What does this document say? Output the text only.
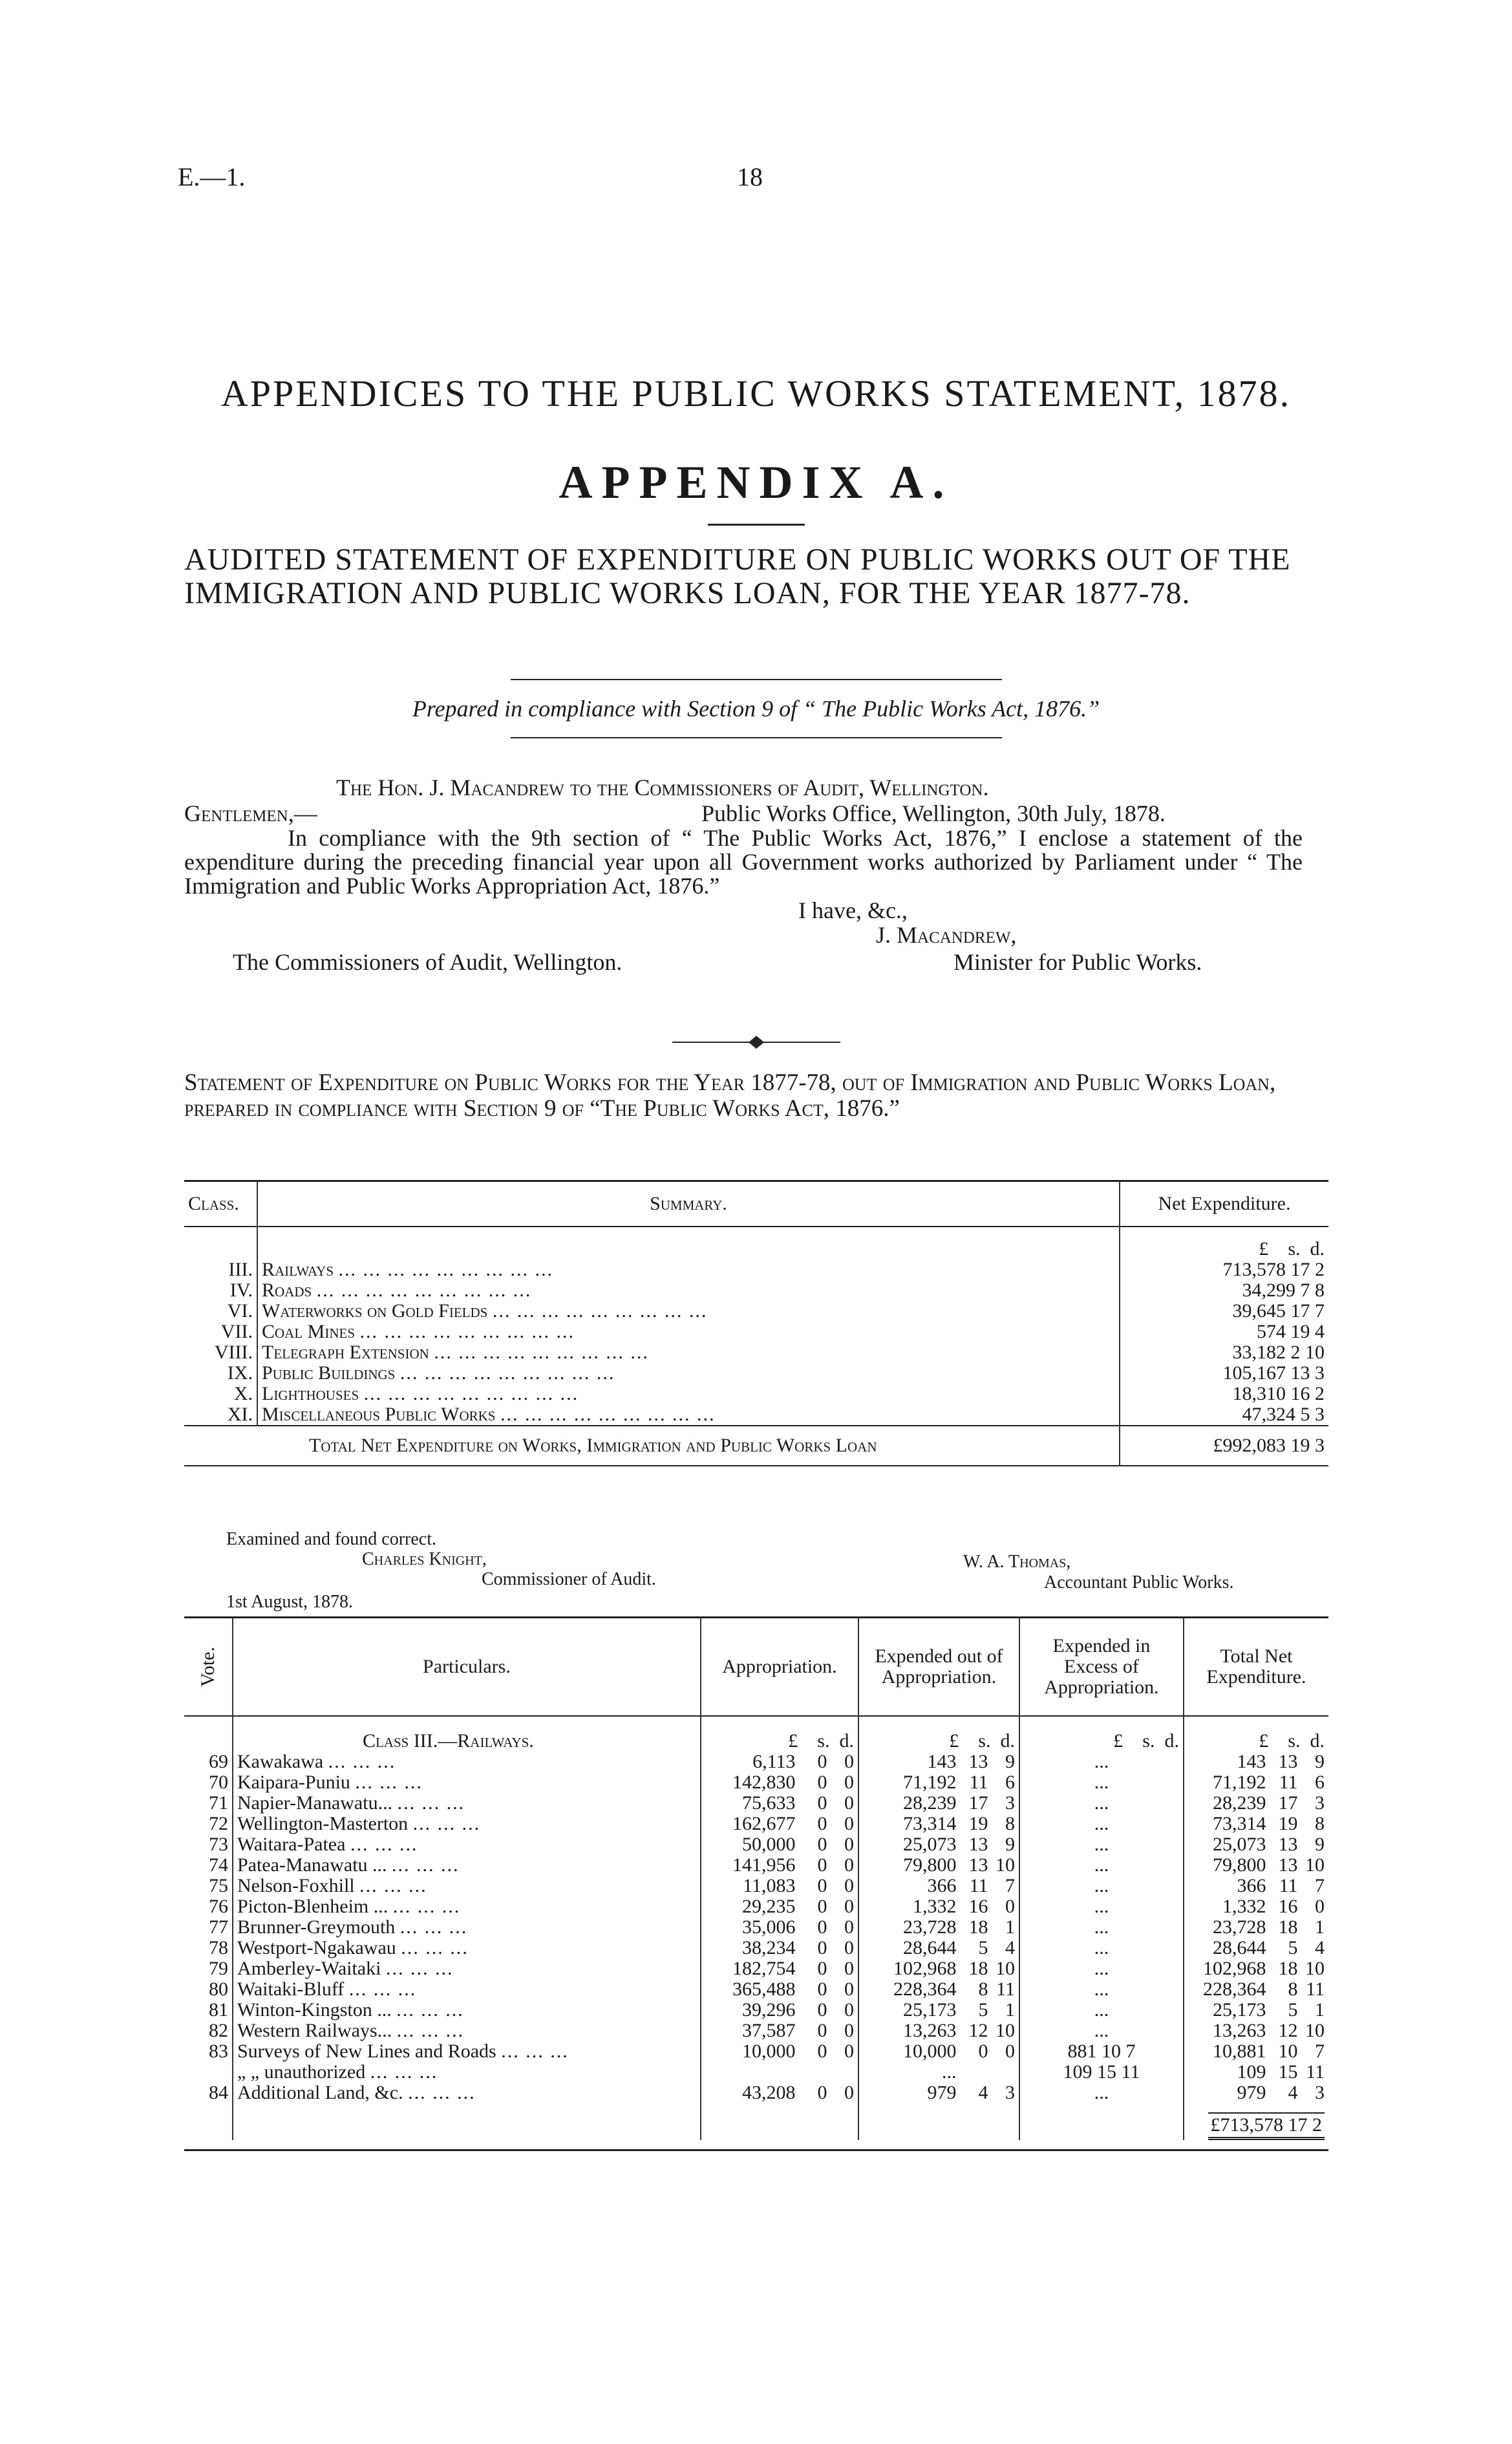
E.—1.	18
APPENDICES TO THE PUBLIC WORKS STATEMENT, 1878.
APPENDIX A.
AUDITED STATEMENT OF EXPENDITURE ON PUBLIC WORKS OUT OF THE IMMIGRATION AND PUBLIC WORKS LOAN, FOR THE YEAR 1877-78.
Prepared in compliance with Section 9 of “ The Public Works Act, 1876.”
The Hon. J. Macandrew to the Commissioners of Audit, Wellington.
Gentlemen,—	Public Works Office, Wellington, 30th July, 1878.
In compliance with the 9th section of “ The Public Works Act, 1876,” I enclose a statement of the expenditure during the preceding financial year upon all Government works authorized by Parliament under “ The Immigration and Public Works Appropriation Act, 1876.”
I have, &c.,
J. Macandrew,
The Commissioners of Audit, Wellington.	Minister for Public Works.
Statement of Expenditure on Public Works for the Year 1877-78, out of Immigration and Public Works Loan, prepared in compliance with Section 9 of “The Public Works Act, 1876.”
Class.	Summary.	Net Expenditure.
		£ s. d.
III.	Railways ... ... ... ... ... ... ... ... ...	713,578 17 2
IV.	Roads ... ... ... ... ... ... ... ... ...	34,299 7 8
VI.	Waterworks on Gold Fields ... ... ... ... ... ... ... ... ...	39,645 17 7
VII.	Coal Mines ... ... ... ... ... ... ... ... ...	574 19 4
VIII.	Telegraph Extension ... ... ... ... ... ... ... ... ...	33,182 2 10
IX.	Public Buildings ... ... ... ... ... ... ... ... ...	105,167 13 3
X.	Lighthouses ... ... ... ... ... ... ... ... ...	18,310 16 2
XI.	Miscellaneous Public Works ... ... ... ... ... ... ... ... ...	47,324 5 3
	Total Net Expenditure on Works, Immigration and Public Works Loan	£992,083 19 3
Examined and found correct.
Charles Knight,
Commissioner of Audit.
1st August, 1878.
W. A. Thomas,
Accountant Public Works.
Vote.	Particulars.	Appropriation.	Expended out of Appropriation.	Expended in Excess of Appropriation.	Total Net Expenditure.
	Class III.—Railways.	£ s. d.	£ s. d.	£ s. d.	£ s. d.
69	Kawakawa ... ... ...	6,113 0 0	143 13 9	...	143 13 9
70	Kaipara-Puniu ... ... ...	142,830 0 0	71,192 11 6	...	71,192 11 6
71	Napier-Manawatu... ... ... ...	75,633 0 0	28,239 17 3	...	28,239 17 3
72	Wellington-Masterton ... ... ...	162,677 0 0	73,314 19 8	...	73,314 19 8
73	Waitara-Patea ... ... ...	50,000 0 0	25,073 13 9	...	25,073 13 9
74	Patea-Manawatu ... ... ... ...	141,956 0 0	79,800 13 10	...	79,800 13 10
75	Nelson-Foxhill ... ... ...	11,083 0 0	366 11 7	...	366 11 7
76	Picton-Blenheim ... ... ... ...	29,235 0 0	1,332 16 0	...	1,332 16 0
77	Brunner-Greymouth ... ... ...	35,006 0 0	23,728 18 1	...	23,728 18 1
78	Westport-Ngakawau ... ... ...	38,234 0 0	28,644 5 4	...	28,644 5 4
79	Amberley-Waitaki ... ... ...	182,754 0 0	102,968 18 10	...	102,968 18 10
80	Waitaki-Bluff ... ... ...	365,488 0 0	228,364 8 11	...	228,364 8 11
81	Winton-Kingston ... ... ... ...	39,296 0 0	25,173 5 1	...	25,173 5 1
82	Western Railways... ... ... ...	37,587 0 0	13,263 12 10	...	13,263 12 10
83	Surveys of New Lines and Roads ... ... ...	10,000 0 0	10,000 0 0	881 10 7	10,881 10 7
	„ „ unauthorized ... ... ...		...	109 15 11	109 15 11
84	Additional Land, &c. ... ... ...	43,208 0 0	979 4 3	...	979 4 3
					£713,578 17 2
